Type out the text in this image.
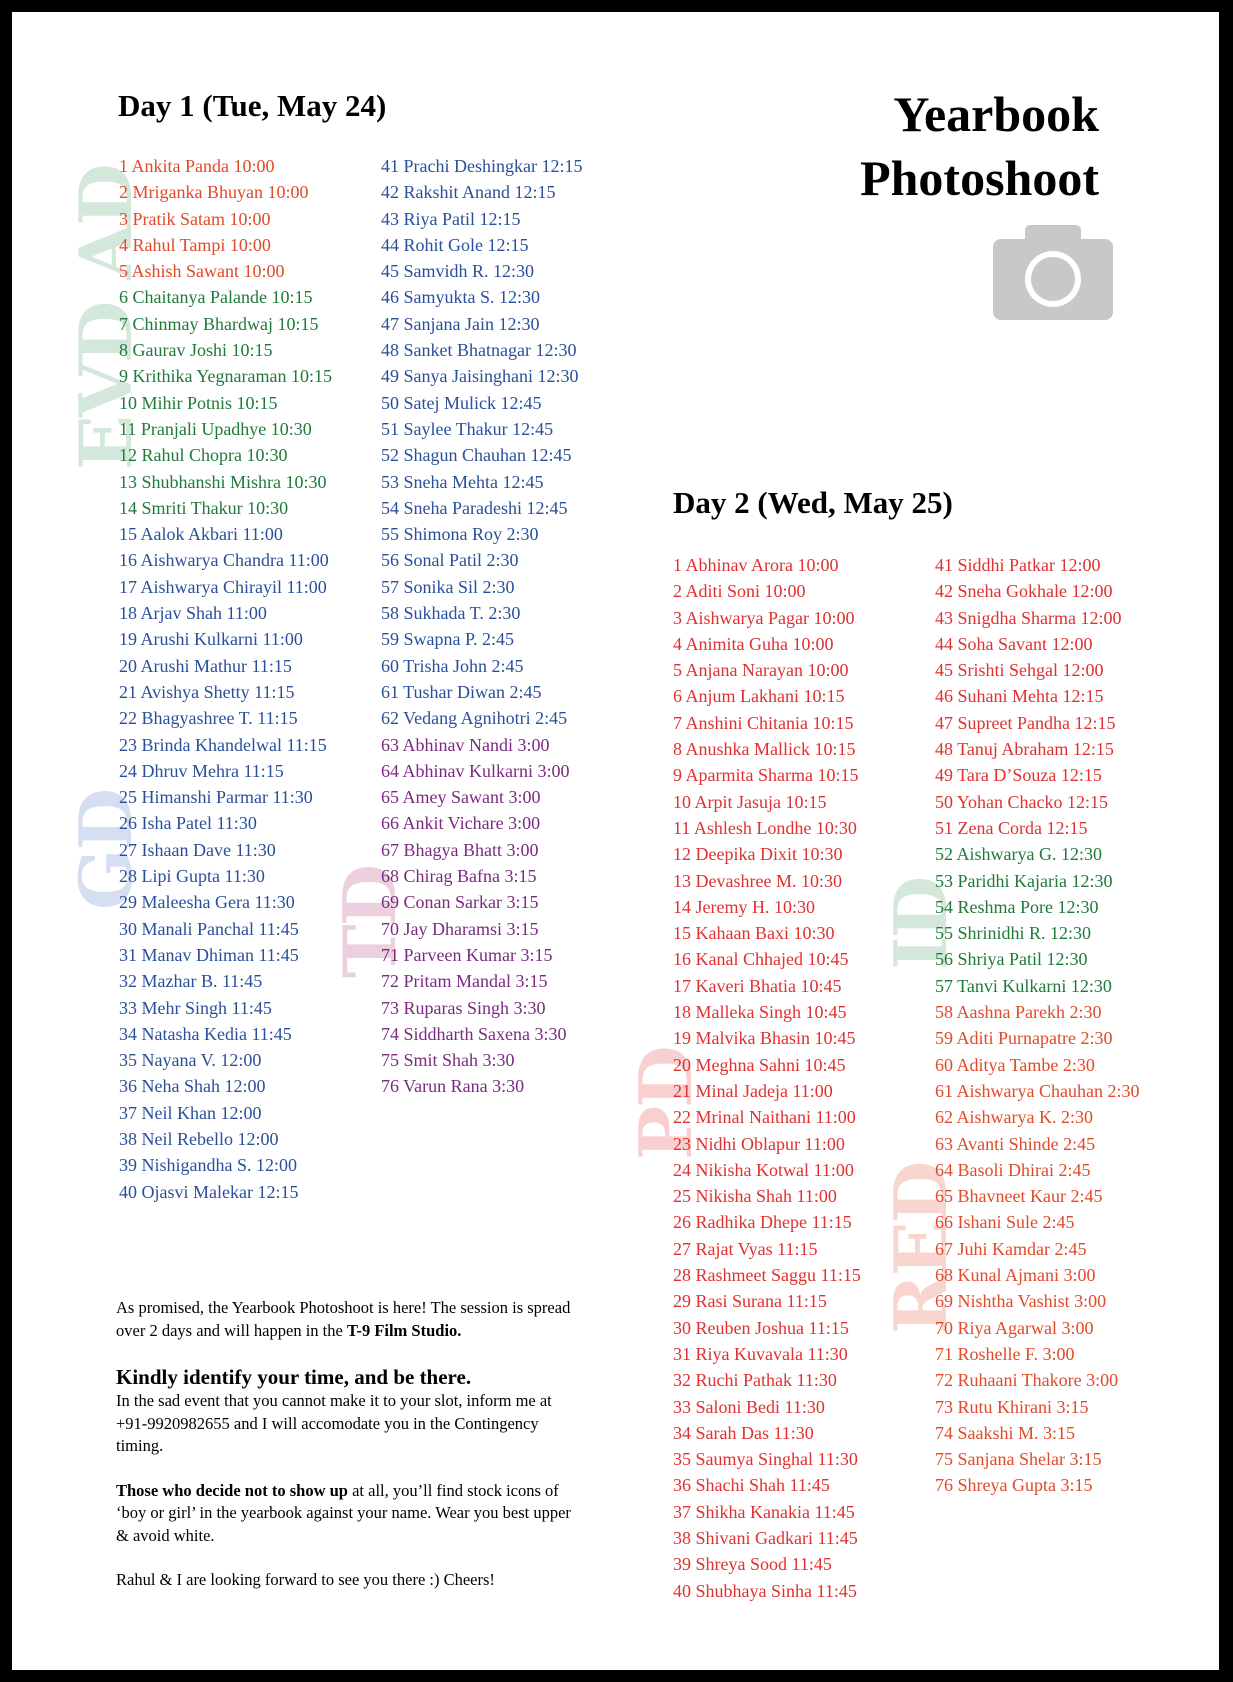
EVD AD
GD
TD
PD
ID
RED
Yearbook
Photoshoot
Day 1 (Tue, May 24)
1 Ankita Panda 10:00
2 Mriganka Bhuyan 10:00
3 Pratik Satam 10:00
4 Rahul Tampi 10:00
5 Ashish Sawant 10:00
6 Chaitanya Palande 10:15
7 Chinmay Bhardwaj 10:15
8 Gaurav Joshi 10:15
9 Krithika Yegnaraman 10:15
10 Mihir Potnis 10:15
11 Pranjali Upadhye 10:30
12 Rahul Chopra 10:30
13 Shubhanshi Mishra 10:30
14 Smriti Thakur 10:30
15 Aalok Akbari 11:00
16 Aishwarya Chandra 11:00
17 Aishwarya Chirayil 11:00
18 Arjav Shah 11:00
19 Arushi Kulkarni 11:00
20 Arushi Mathur 11:15
21 Avishya Shetty 11:15
22 Bhagyashree T. 11:15
23 Brinda Khandelwal 11:15
24 Dhruv Mehra 11:15
25 Himanshi Parmar 11:30
26 Isha Patel 11:30
27 Ishaan Dave 11:30
28 Lipi Gupta 11:30
29 Maleesha Gera 11:30
30 Manali Panchal 11:45
31 Manav Dhiman 11:45
32 Mazhar B. 11:45
33 Mehr Singh 11:45
34 Natasha Kedia 11:45
35 Nayana V. 12:00
36 Neha Shah 12:00
37 Neil Khan 12:00
38 Neil Rebello 12:00
39 Nishigandha S. 12:00
40 Ojasvi Malekar 12:15
41 Prachi Deshingkar 12:15
42 Rakshit Anand 12:15
43 Riya Patil 12:15
44 Rohit Gole 12:15
45 Samvidh R. 12:30
46 Samyukta S. 12:30
47 Sanjana Jain 12:30
48 Sanket Bhatnagar 12:30
49 Sanya Jaisinghani 12:30
50 Satej Mulick 12:45
51 Saylee Thakur 12:45
52 Shagun Chauhan 12:45
53 Sneha Mehta 12:45
54 Sneha Paradeshi 12:45
55 Shimona Roy 2:30
56 Sonal Patil 2:30
57 Sonika Sil 2:30
58 Sukhada T. 2:30
59 Swapna P. 2:45
60 Trisha John 2:45
61 Tushar Diwan 2:45
62 Vedang Agnihotri 2:45
63 Abhinav Nandi 3:00
64 Abhinav Kulkarni 3:00
65 Amey Sawant 3:00
66 Ankit Vichare 3:00
67 Bhagya Bhatt 3:00
68 Chirag Bafna 3:15
69 Conan Sarkar 3:15
70 Jay Dharamsi 3:15
71 Parveen Kumar 3:15
72 Pritam Mandal 3:15
73 Ruparas Singh 3:30
74 Siddharth Saxena 3:30
75 Smit Shah 3:30
76 Varun Rana 3:30
Day 2 (Wed, May 25)
1 Abhinav Arora 10:00
2 Aditi Soni 10:00
3 Aishwarya Pagar 10:00
4 Animita Guha 10:00
5 Anjana Narayan 10:00
6 Anjum Lakhani 10:15
7 Anshini Chitania 10:15
8 Anushka Mallick 10:15
9 Aparmita Sharma 10:15
10 Arpit Jasuja 10:15
11 Ashlesh Londhe 10:30
12 Deepika Dixit 10:30
13 Devashree M. 10:30
14 Jeremy H. 10:30
15 Kahaan Baxi 10:30
16 Kanal Chhajed 10:45
17 Kaveri Bhatia 10:45
18 Malleka Singh 10:45
19 Malvika Bhasin 10:45
20 Meghna Sahni 10:45
21 Minal Jadeja 11:00
22 Mrinal Naithani 11:00
23 Nidhi Oblapur 11:00
24 Nikisha Kotwal 11:00
25 Nikisha Shah 11:00
26 Radhika Dhepe 11:15
27 Rajat Vyas 11:15
28 Rashmeet Saggu 11:15
29 Rasi Surana 11:15
30 Reuben Joshua 11:15
31 Riya Kuvavala 11:30
32 Ruchi Pathak 11:30
33 Saloni Bedi 11:30
34 Sarah Das 11:30
35 Saumya Singhal 11:30
36 Shachi Shah 11:45
37 Shikha Kanakia 11:45
38 Shivani Gadkari 11:45
39 Shreya Sood 11:45
40 Shubhaya Sinha 11:45
41 Siddhi Patkar 12:00
42 Sneha Gokhale 12:00
43 Snigdha Sharma 12:00
44 Soha Savant 12:00
45 Srishti Sehgal 12:00
46 Suhani Mehta 12:15
47 Supreet Pandha 12:15
48 Tanuj Abraham 12:15
49 Tara D’Souza 12:15
50 Yohan Chacko 12:15
51 Zena Corda 12:15
52 Aishwarya G. 12:30
53 Paridhi Kajaria 12:30
54 Reshma Pore 12:30
55 Shrinidhi R. 12:30
56 Shriya Patil 12:30
57 Tanvi Kulkarni 12:30
58 Aashna Parekh 2:30
59 Aditi Purnapatre 2:30
60 Aditya Tambe 2:30
61 Aishwarya Chauhan 2:30
62 Aishwarya K. 2:30
63 Avanti Shinde 2:45
64 Basoli Dhirai 2:45
65 Bhavneet Kaur 2:45
66 Ishani Sule 2:45
67 Juhi Kamdar 2:45
68 Kunal Ajmani 3:00
69 Nishtha Vashist 3:00
70 Riya Agarwal 3:00
71 Roshelle F. 3:00
72 Ruhaani Thakore 3:00
73 Rutu Khirani 3:15
74 Saakshi M. 3:15
75 Sanjana Shelar 3:15
76 Shreya Gupta 3:15

As promised, the Yearbook Photoshoot is here! The session is spread over 2 days and will happen in the T-9 Film Studio.

Kindly identify your time, and be there.

In the sad event that you cannot make it to your slot, inform me at +91-9920982655 and I will accomodate you in the Contingency timing.

Those who decide not to show up at all, you’ll find stock icons of ‘boy or girl’ in the yearbook against your name. Wear you best upper & avoid white.

Rahul & I are looking forward to see you there :) Cheers!
